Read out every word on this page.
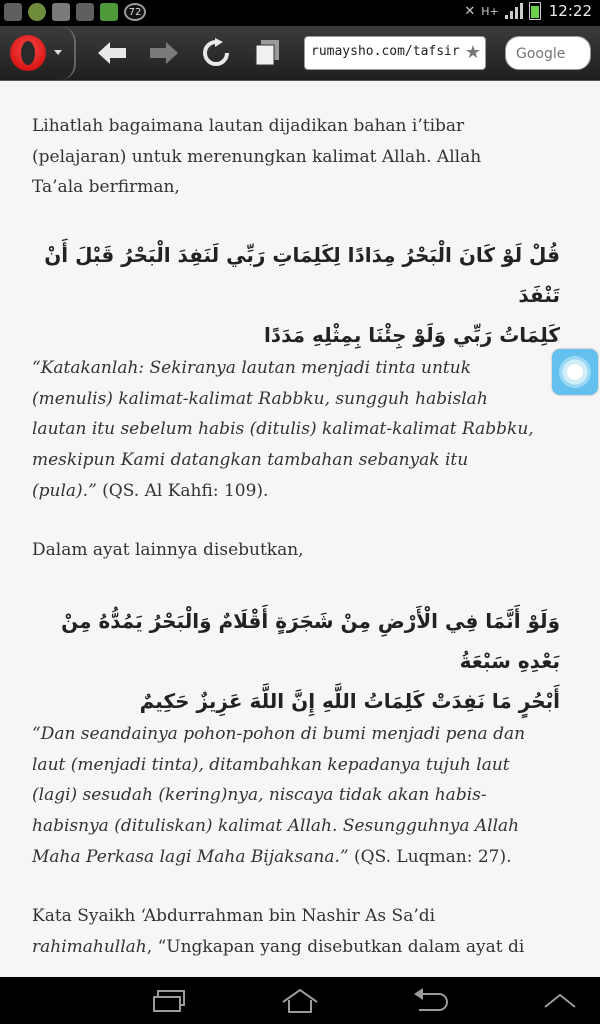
72	✕ H+	12:22
rumaysho.com/tafsir ★
Google

Lihatlah bagaimana lautan dijadikan bahan i’tibar

(pelajaran) untuk merenungkan kalimat Allah. Allah

Ta’ala berfirman,

قُلْ لَوْ كَانَ الْبَحْرُ مِدَادًا لِكَلِمَاتِ رَبِّي لَنَفِدَ الْبَحْرُ قَبْلَ أَنْ تَنْفَدَ
كَلِمَاتُ رَبِّي وَلَوْ جِئْنَا بِمِثْلِهِ مَدَدًا

“Katakanlah: Sekiranya lautan menjadi tinta untuk

(menulis) kalimat-kalimat Rabbku, sungguh habislah

lautan itu sebelum habis (ditulis) kalimat-kalimat Rabbku,

meskipun Kami datangkan tambahan sebanyak itu

(pula).” (QS. Al Kahfi: 109).

Dalam ayat lainnya disebutkan,

وَلَوْ أَنَّمَا فِي الْأَرْضِ مِنْ شَجَرَةٍ أَقْلَامٌ وَالْبَحْرُ يَمُدُّهُ مِنْ بَعْدِهِ سَبْعَةُ
أَبْحُرٍ مَا نَفِدَتْ كَلِمَاتُ اللَّهِ إِنَّ اللَّهَ عَزِيزٌ حَكِيمٌ

“Dan seandainya pohon-pohon di bumi menjadi pena dan

laut (menjadi tinta), ditambahkan kepadanya tujuh laut

(lagi) sesudah (kering)nya, niscaya tidak akan habis-

habisnya (dituliskan) kalimat Allah. Sesungguhnya Allah

Maha Perkasa lagi Maha Bijaksana.” (QS. Luqman: 27).

Kata Syaikh ‘Abdurrahman bin Nashir As Sa’di

rahimahullah, “Ungkapan yang disebutkan dalam ayat di
